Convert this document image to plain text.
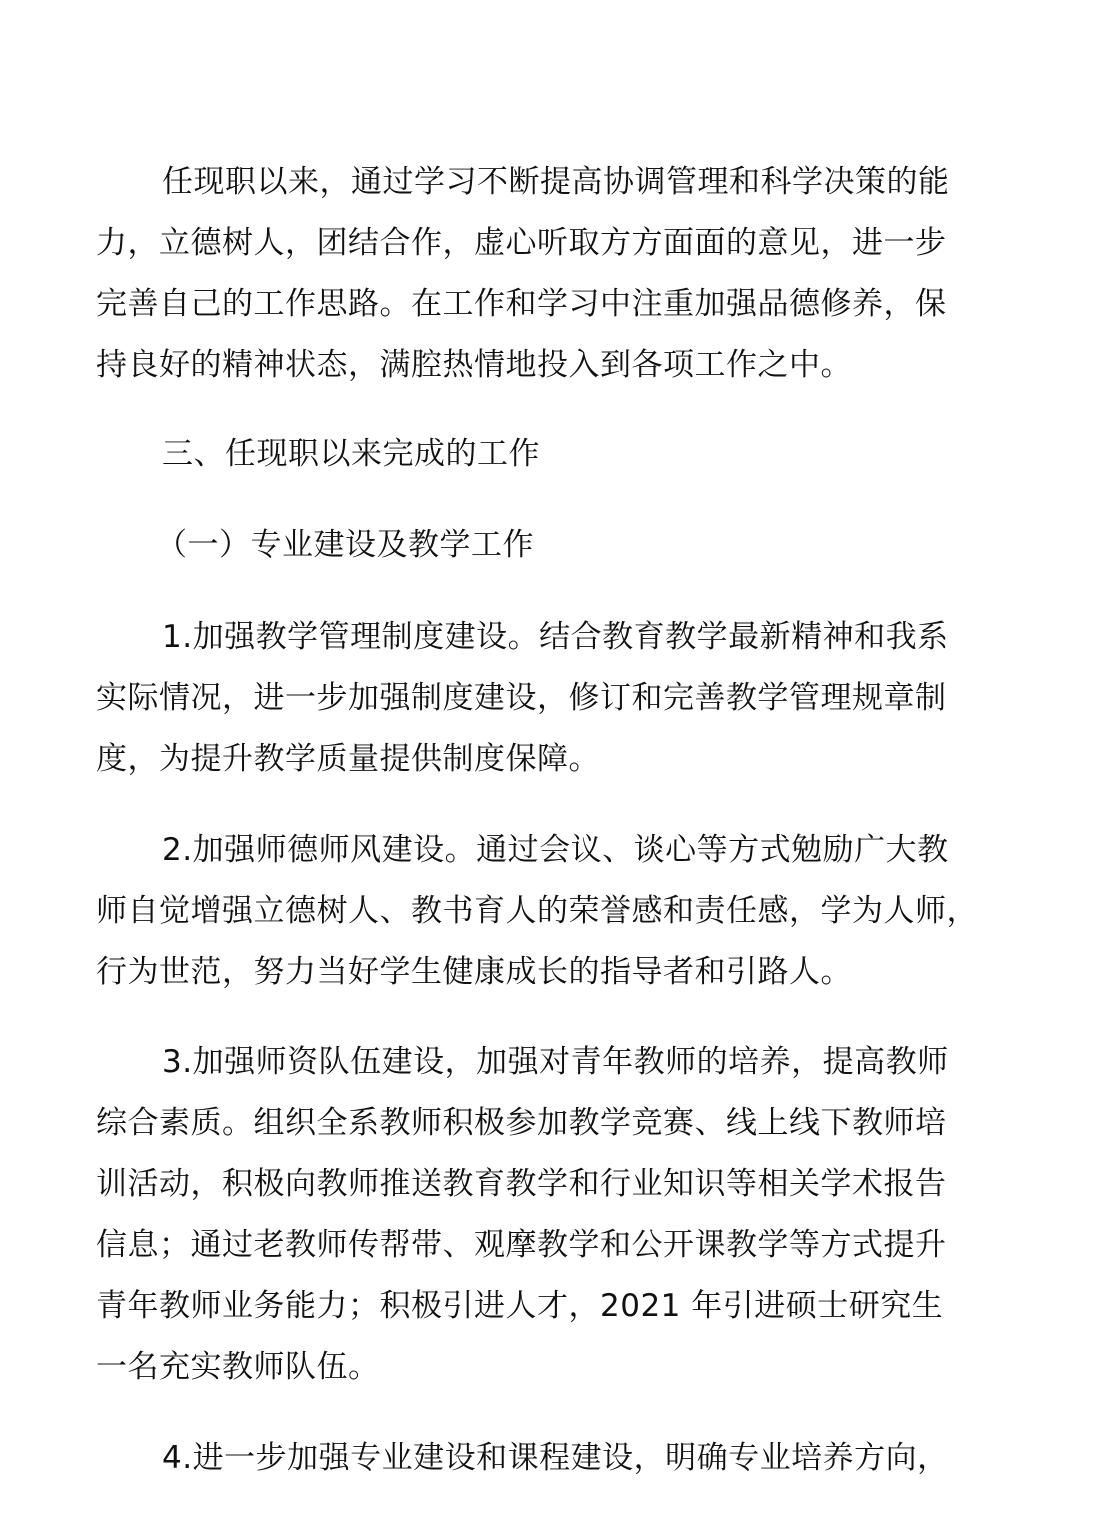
任现职以来，通过学习不断提高协调管理和科学决策的能
力，立德树人，团结合作，虚心听取方方面面的意见，进一步
完善自己的工作思路。在工作和学习中注重加强品德修养，保
持良好的精神状态，满腔热情地投入到各项工作之中。
三、任现职以来完成的工作
（一）专业建设及教学工作
1.加强教学管理制度建设。结合教育教学最新精神和我系
实际情况，进一步加强制度建设，修订和完善教学管理规章制
度，为提升教学质量提供制度保障。
2.加强师德师风建设。通过会议、谈心等方式勉励广大教
师自觉增强立德树人、教书育人的荣誉感和责任感，学为人师，
行为世范，努力当好学生健康成长的指导者和引路人。
3.加强师资队伍建设，加强对青年教师的培养，提高教师
综合素质。组织全系教师积极参加教学竞赛、线上线下教师培
训活动，积极向教师推送教育教学和行业知识等相关学术报告
信息；通过老教师传帮带、观摩教学和公开课教学等方式提升
青年教师业务能力；积极引进人才，2021 年引进硕士研究生
一名充实教师队伍。
4.进一步加强专业建设和课程建设，明确专业培养方向，
